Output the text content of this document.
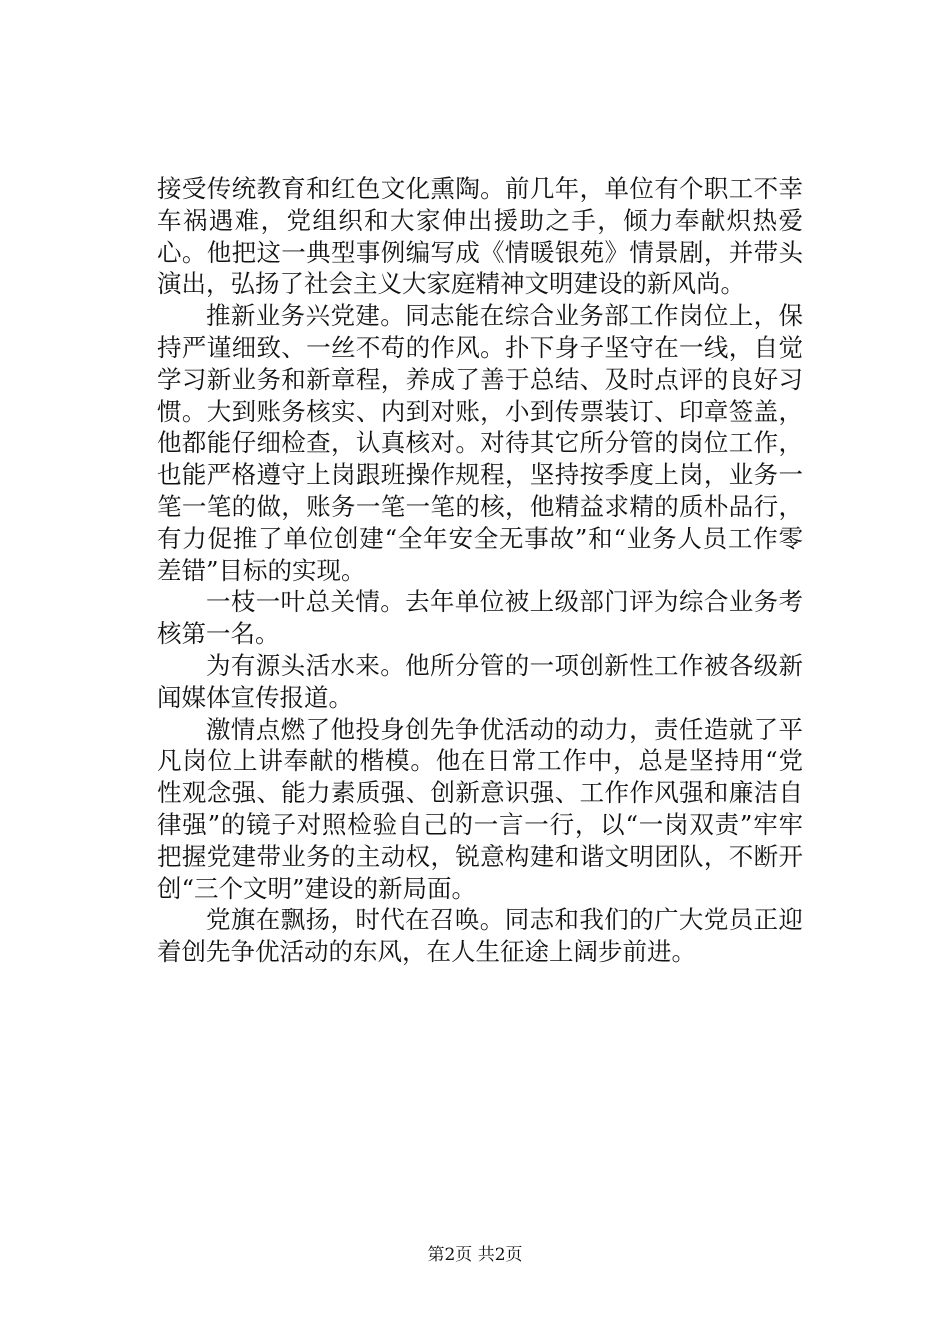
接受传统教育和红色文化熏陶。前几年，单位有个职工不幸车祸遇难，党组织和大家伸出援助之手，倾力奉献炽热爱心。他把这一典型事例编写成《情暖银苑》情景剧，并带头演出，弘扬了社会主义大家庭精神文明建设的新风尚。

推新业务兴党建。同志能在综合业务部工作岗位上，保持严谨细致、一丝不苟的作风。扑下身子坚守在一线，自觉学习新业务和新章程，养成了善于总结、及时点评的良好习惯。大到账务核实、内到对账，小到传票装订、印章签盖，他都能仔细检查，认真核对。对待其它所分管的岗位工作，也能严格遵守上岗跟班操作规程，坚持按季度上岗，业务一笔一笔的做，账务一笔一笔的核，他精益求精的质朴品行，有力促推了单位创建“全年安全无事故”和“业务人员工作零差错”目标的实现。

一枝一叶总关情。去年单位被上级部门评为综合业务考核第一名。

为有源头活水来。他所分管的一项创新性工作被各级新闻媒体宣传报道。

激情点燃了他投身创先争优活动的动力，责任造就了平凡岗位上讲奉献的楷模。他在日常工作中，总是坚持用“党性观念强、能力素质强、创新意识强、工作作风强和廉洁自律强”的镜子对照检验自己的一言一行，以“一岗双责”牢牢把握党建带业务的主动权，锐意构建和谐文明团队，不断开创“三个文明”建设的新局面。

党旗在飘扬，时代在召唤。同志和我们的广大党员正迎着创先争优活动的东风，在人生征途上阔步前进。

第2页 共2页
